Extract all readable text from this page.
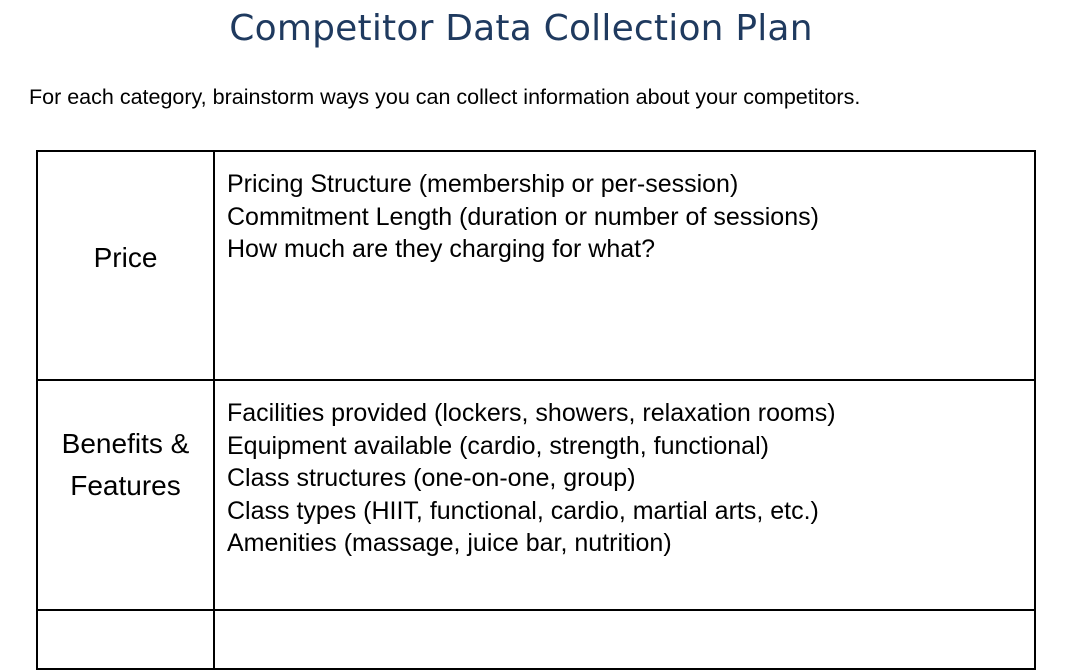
Competitor Data Collection Plan
For each category, brainstorm ways you can collect information about your competitors.
Price
Pricing Structure (membership or per-session)
Commitment Length (duration or number of sessions)
How much are they charging for what?
Benefits &
Features
Facilities provided (lockers, showers, relaxation rooms)
Equipment available (cardio, strength, functional)
Class structures (one-on-one, group)
Class types (HIIT, functional, cardio, martial arts, etc.)
Amenities (massage, juice bar, nutrition)
